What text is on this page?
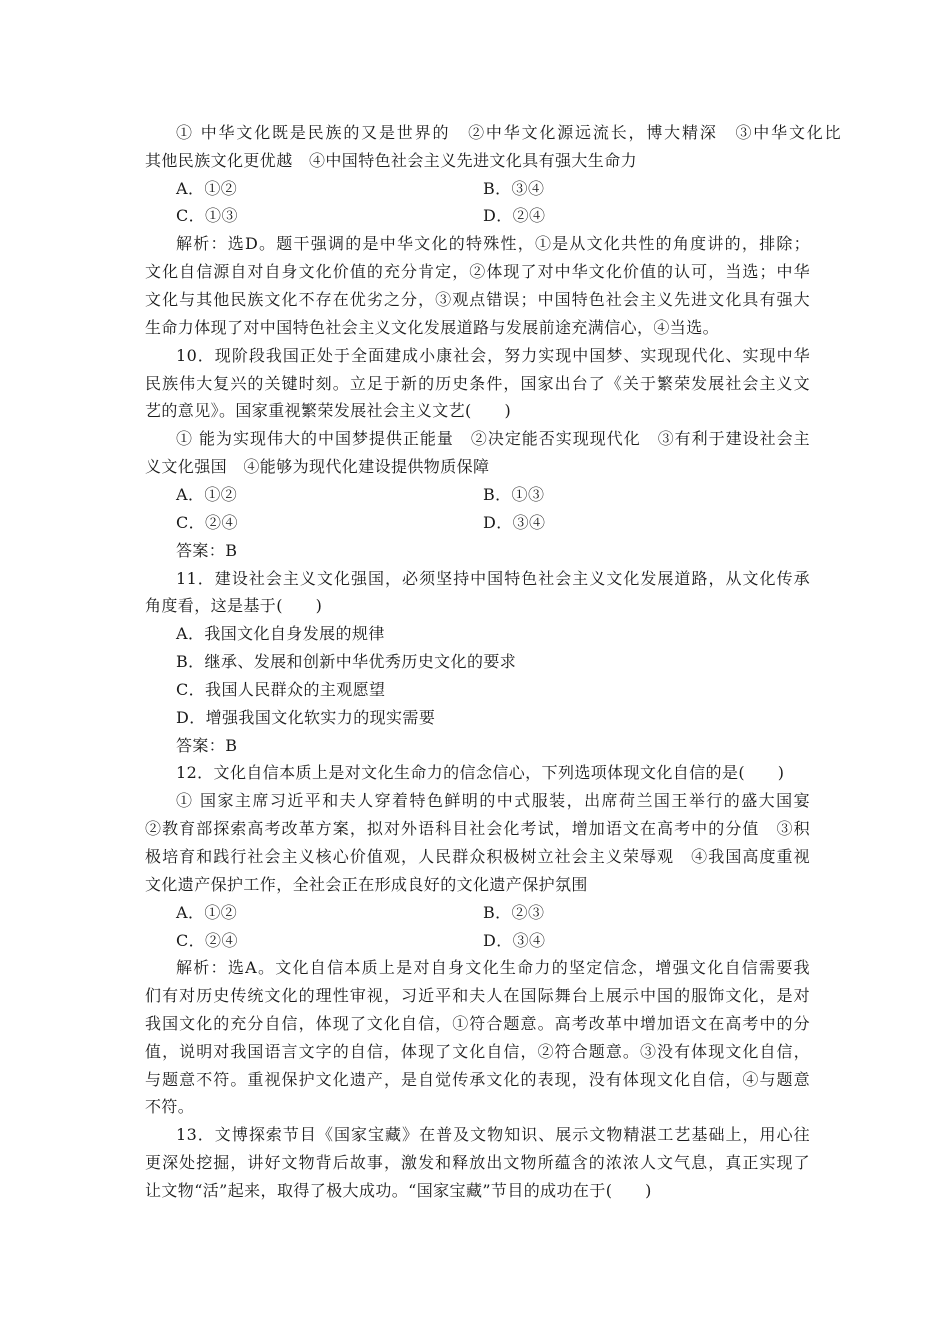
① 中华文化既是民族的又是世界的　②中华文化源远流长，博大精深　③中华文化比
其他民族文化更优越　④中国特色社会主义先进文化具有强大生命力
A．①②	B．③④
C．①③	D．②④
解析：选D。题干强调的是中华文化的特殊性，①是从文化共性的角度讲的，排除；
文化自信源自对自身文化价值的充分肯定，②体现了对中华文化价值的认可，当选；中华
文化与其他民族文化不存在优劣之分，③观点错误；中国特色社会主义先进文化具有强大
生命力体现了对中国特色社会主义文化发展道路与发展前途充满信心，④当选。
10．现阶段我国正处于全面建成小康社会，努力实现中国梦、实现现代化、实现中华
民族伟大复兴的关键时刻。立足于新的历史条件，国家出台了《关于繁荣发展社会主义文
艺的意见》。国家重视繁荣发展社会主义文艺(　　)
① 能为实现伟大的中国梦提供正能量　②决定能否实现现代化　③有利于建设社会主
义文化强国　④能够为现代化建设提供物质保障
A．①②	B．①③
C．②④	D．③④
答案：B
11．建设社会主义文化强国，必须坚持中国特色社会主义文化发展道路，从文化传承
角度看，这是基于(　　)
A．我国文化自身发展的规律
B．继承、发展和创新中华优秀历史文化的要求
C．我国人民群众的主观愿望
D．增强我国文化软实力的现实需要
答案：B
12．文化自信本质上是对文化生命力的信念信心，下列选项体现文化自信的是(　　)
① 国家主席习近平和夫人穿着特色鲜明的中式服装，出席荷兰国王举行的盛大国宴
②教育部探索高考改革方案，拟对外语科目社会化考试，增加语文在高考中的分值　③积
极培育和践行社会主义核心价值观，人民群众积极树立社会主义荣辱观　④我国高度重视
文化遗产保护工作，全社会正在形成良好的文化遗产保护氛围
A．①②	B．②③
C．②④	D．③④
解析：选A。文化自信本质上是对自身文化生命力的坚定信念，增强文化自信需要我
们有对历史传统文化的理性审视，习近平和夫人在国际舞台上展示中国的服饰文化，是对
我国文化的充分自信，体现了文化自信，①符合题意。高考改革中增加语文在高考中的分
值，说明对我国语言文字的自信，体现了文化自信，②符合题意。③没有体现文化自信，
与题意不符。重视保护文化遗产，是自觉传承文化的表现，没有体现文化自信，④与题意
不符。
13．文博探索节目《国家宝藏》在普及文物知识、展示文物精湛工艺基础上，用心往
更深处挖掘，讲好文物背后故事，激发和释放出文物所蕴含的浓浓人文气息，真正实现了
让文物“活”起来，取得了极大成功。“国家宝藏”节目的成功在于(　　)
